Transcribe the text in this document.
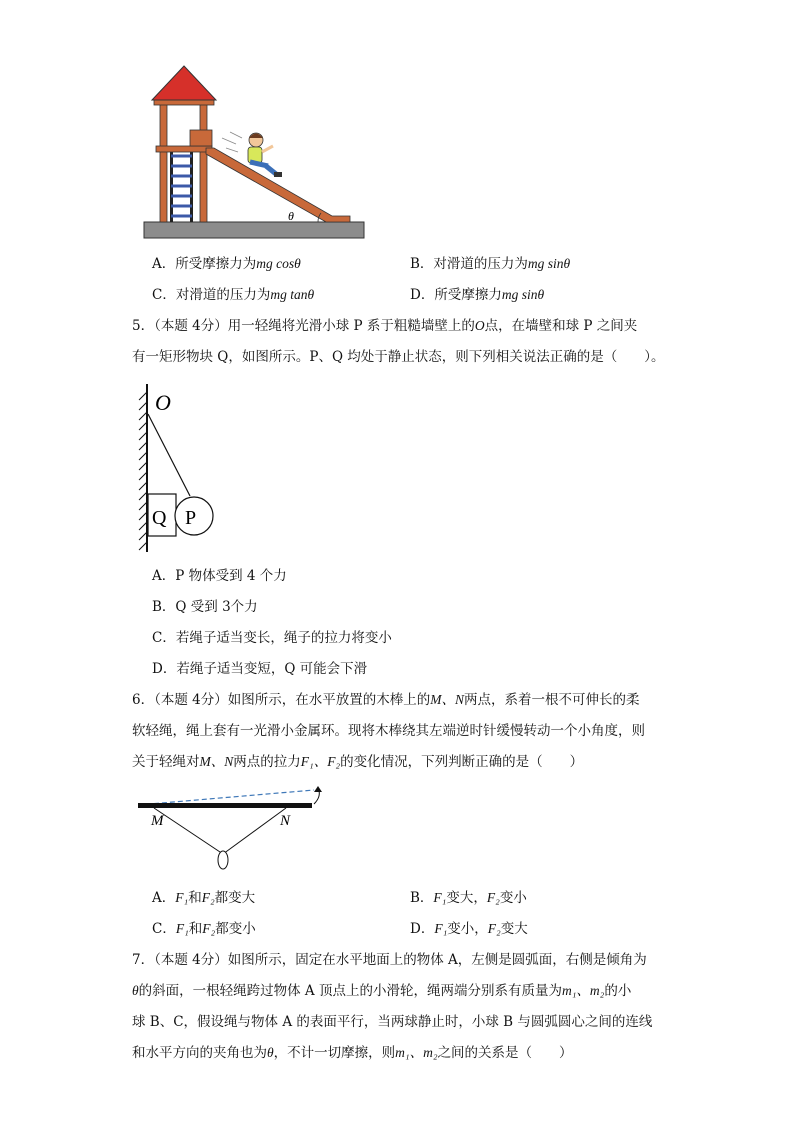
θ
A．所受摩擦力为mg cosθ	B．对滑道的压力为mg sinθ
C．对滑道的压力为mg tanθ	D．所受摩擦力mg sinθ
5．（本题 4分）用一轻绳将光滑小球 P 系于粗糙墙壁上的O点，在墙壁和球 P 之间夹
有一矩形物块 Q，如图所示。P、Q 均处于静止状态，则下列相关说法正确的是（　　）。
O
Q P
A．P 物体受到 4 个力
B．Q 受到 3个力
C．若绳子适当变长，绳子的拉力将变小
D．若绳子适当变短，Q 可能会下滑
6．（本题 4分）如图所示，在水平放置的木棒上的M、N两点，系着一根不可伸长的柔
软轻绳，绳上套有一光滑小金属环。现将木棒绕其左端逆时针缓慢转动一个小角度，则
关于轻绳对M、N两点的拉力F₁、F₂的变化情况，下列判断正确的是（　　）
M	N
A．F₁和F₂都变大	B．F₁变大，F₂变小
C．F₁和F₂都变小	D．F₁变小，F₂变大
7．（本题 4分）如图所示，固定在水平地面上的物体 A，左侧是圆弧面，右侧是倾角为
θ的斜面，一根轻绳跨过物体 A 顶点上的小滑轮，绳两端分别系有质量为m₁、m₂的小
球 B、C，假设绳与物体 A 的表面平行，当两球静止时，小球 B 与圆弧圆心之间的连线
和水平方向的夹角也为θ，不计一切摩擦，则m₁、m₂之间的关系是（　　）
